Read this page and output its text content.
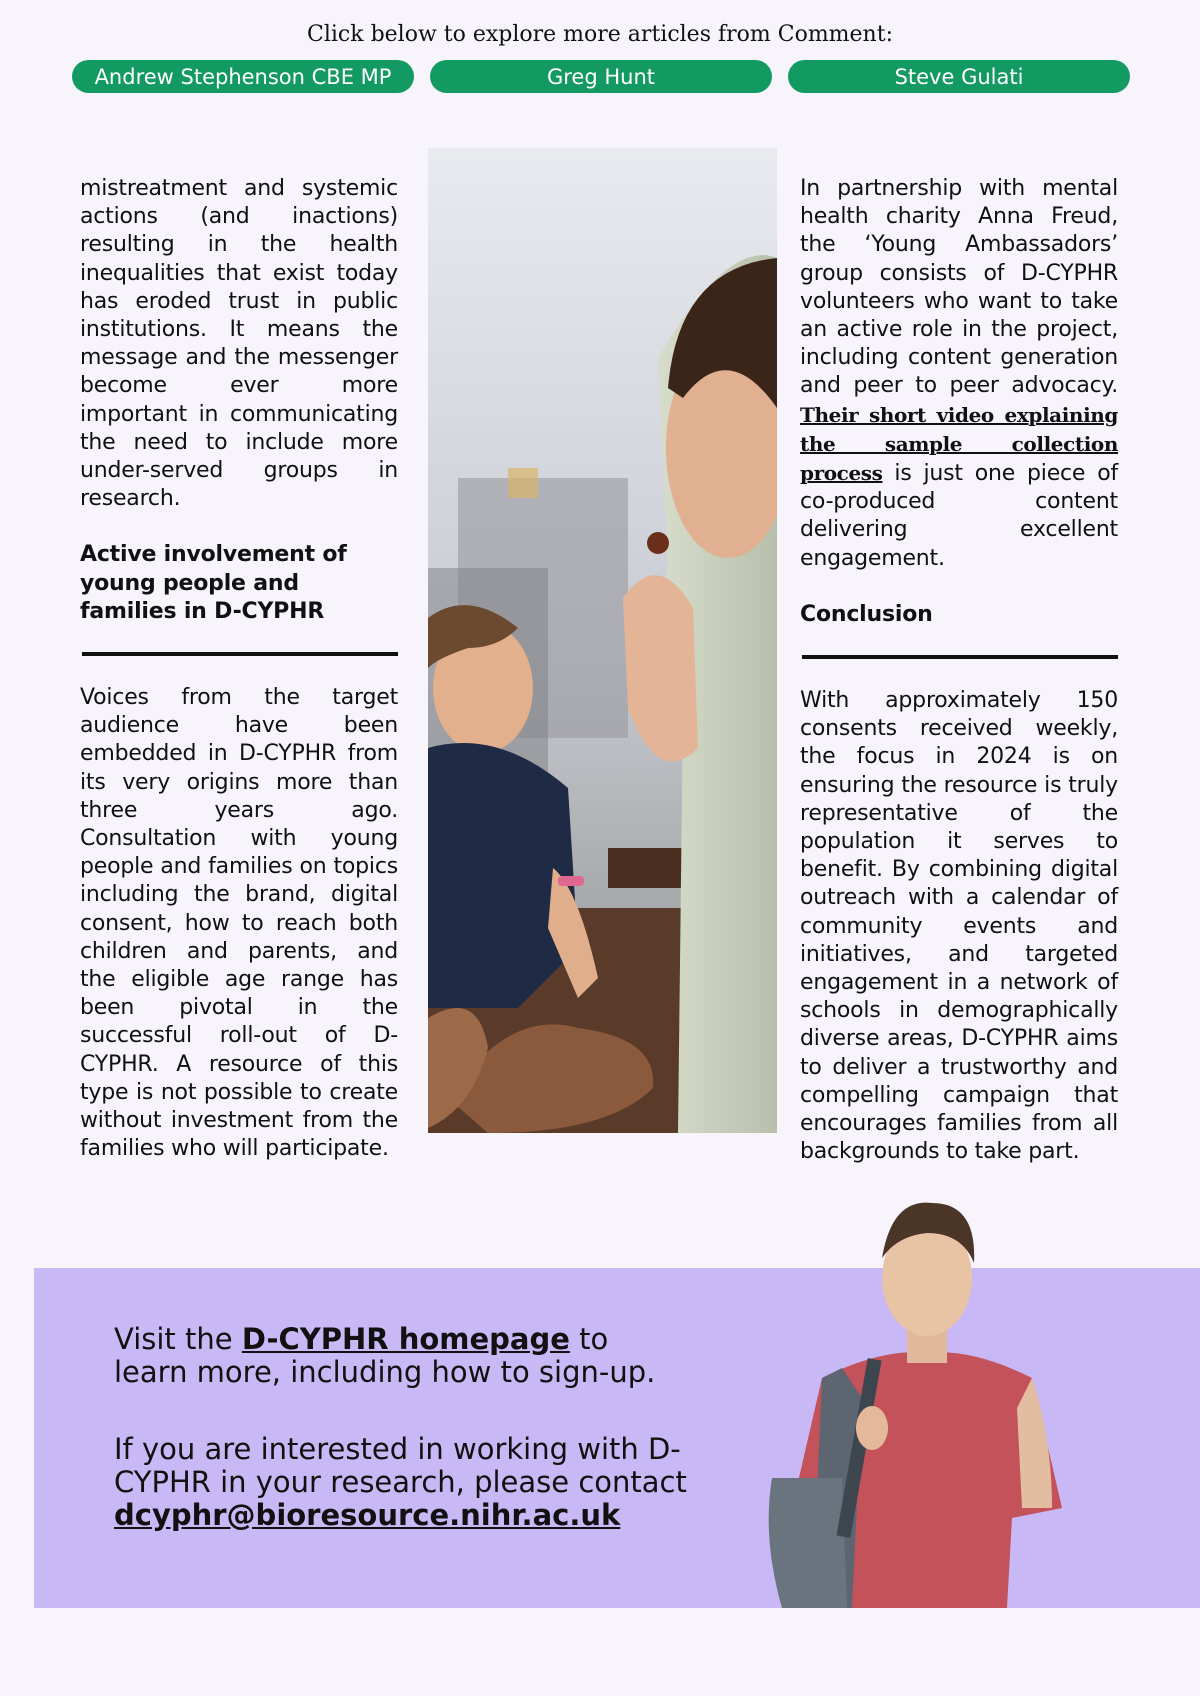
Click below to explore more articles from Comment:
Andrew Stephenson CBE MP	Greg Hunt	Steve Gulati

mistreatment and systemic actions (and inactions) resulting in the health inequalities that exist today has eroded trust in public institutions. It means the message and the messenger become ever more important in communicating the need to include more under-served groups in research.

Active involvement of young people and families in D-CYPHR

Voices from the target audience have been embedded in D-CYPHR from its very origins more than three years ago. Consultation with young people and families on topics including the brand, digital consent, how to reach both children and parents, and the eligible age range has been pivotal in the successful roll-out of D-CYPHR. A resource of this type is not possible to create without investment from the families who will participate.

In partnership with mental health charity Anna Freud, the ‘Young Ambassadors’ group consists of D-CYPHR volunteers who want to take an active role in the project, including content generation and peer to peer advocacy. Their short video explaining the sample collection process is just one piece of co-produced content delivering excellent engagement.

Conclusion

With approximately 150 consents received weekly, the focus in 2024 is on ensuring the resource is truly representative of the population it serves to benefit. By combining digital outreach with a calendar of community events and initiatives, and targeted engagement in a network of schools in demographically diverse areas, D-CYPHR aims to deliver a trustworthy and compelling campaign that encourages families from all backgrounds to take part.

Visit the D-CYPHR homepage to learn more, including how to sign-up.
If you are interested in working with D-CYPHR in your research, please contact
dcyphr@bioresource.nihr.ac.uk
